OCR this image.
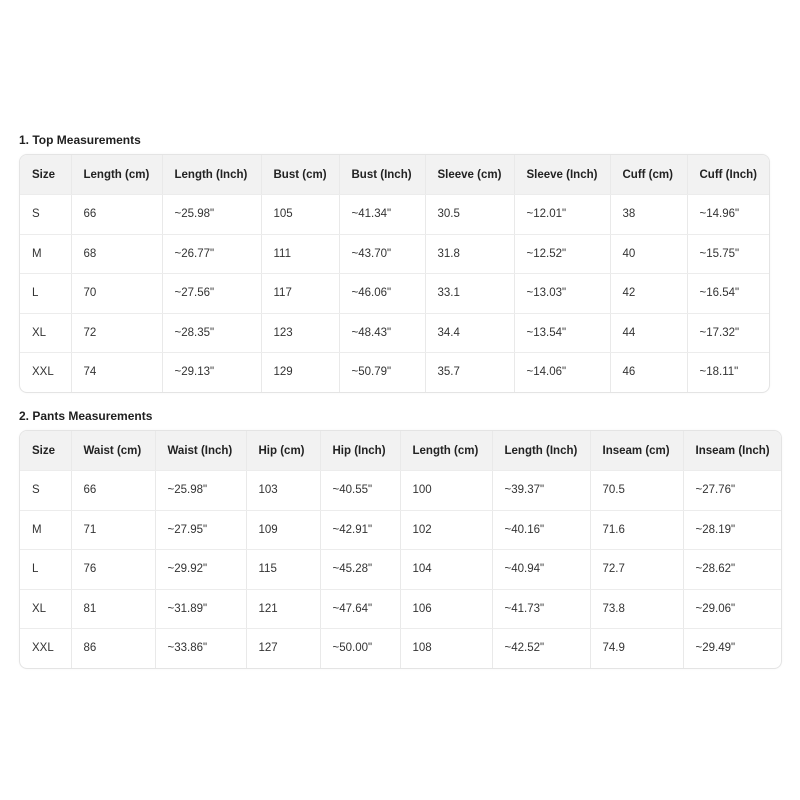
1. Top Measurements
Size	Length (cm)	Length (Inch)	Bust (cm)	Bust (Inch)	Sleeve (cm)	Sleeve (Inch)	Cuff (cm)	Cuff (Inch)
S	66	~25.98"	105	~41.34"	30.5	~12.01"	38	~14.96"
M	68	~26.77"	111	~43.70"	31.8	~12.52"	40	~15.75"
L	70	~27.56"	117	~46.06"	33.1	~13.03"	42	~16.54"
XL	72	~28.35"	123	~48.43"	34.4	~13.54"	44	~17.32"
XXL	74	~29.13"	129	~50.79"	35.7	~14.06"	46	~18.11"
2. Pants Measurements
Size	Waist (cm)	Waist (Inch)	Hip (cm)	Hip (Inch)	Length (cm)	Length (Inch)	Inseam (cm)	Inseam (Inch)
S	66	~25.98"	103	~40.55"	100	~39.37"	70.5	~27.76"
M	71	~27.95"	109	~42.91"	102	~40.16"	71.6	~28.19"
L	76	~29.92"	115	~45.28"	104	~40.94"	72.7	~28.62"
XL	81	~31.89"	121	~47.64"	106	~41.73"	73.8	~29.06"
XXL	86	~33.86"	127	~50.00"	108	~42.52"	74.9	~29.49"
